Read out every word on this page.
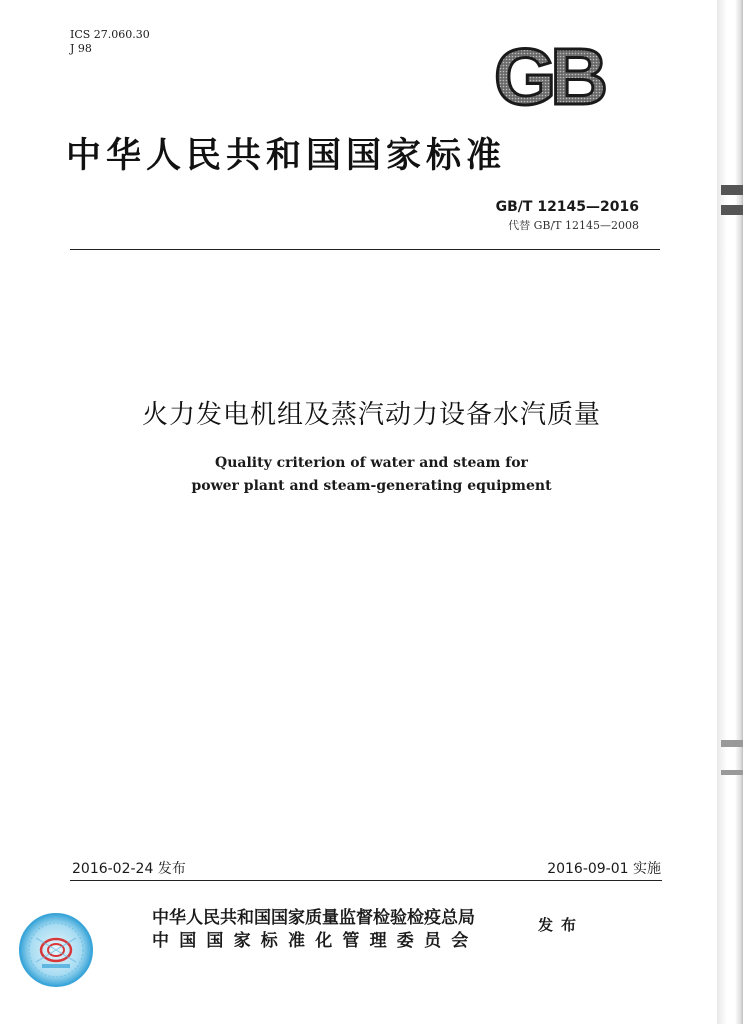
ICS 27.060.30
J 98	GB
中华人民共和国国家标准
GB/T 12145—2016
代替 GB/T 12145—2008
火力发电机组及蒸汽动力设备水汽质量
Quality criterion of water and steam for
power plant and steam-generating equipment
2016-02-24 发布	2016-09-01 实施
中华人民共和国国家质量监督检验检疫总局
中国国家标准化管理委员会
发布
